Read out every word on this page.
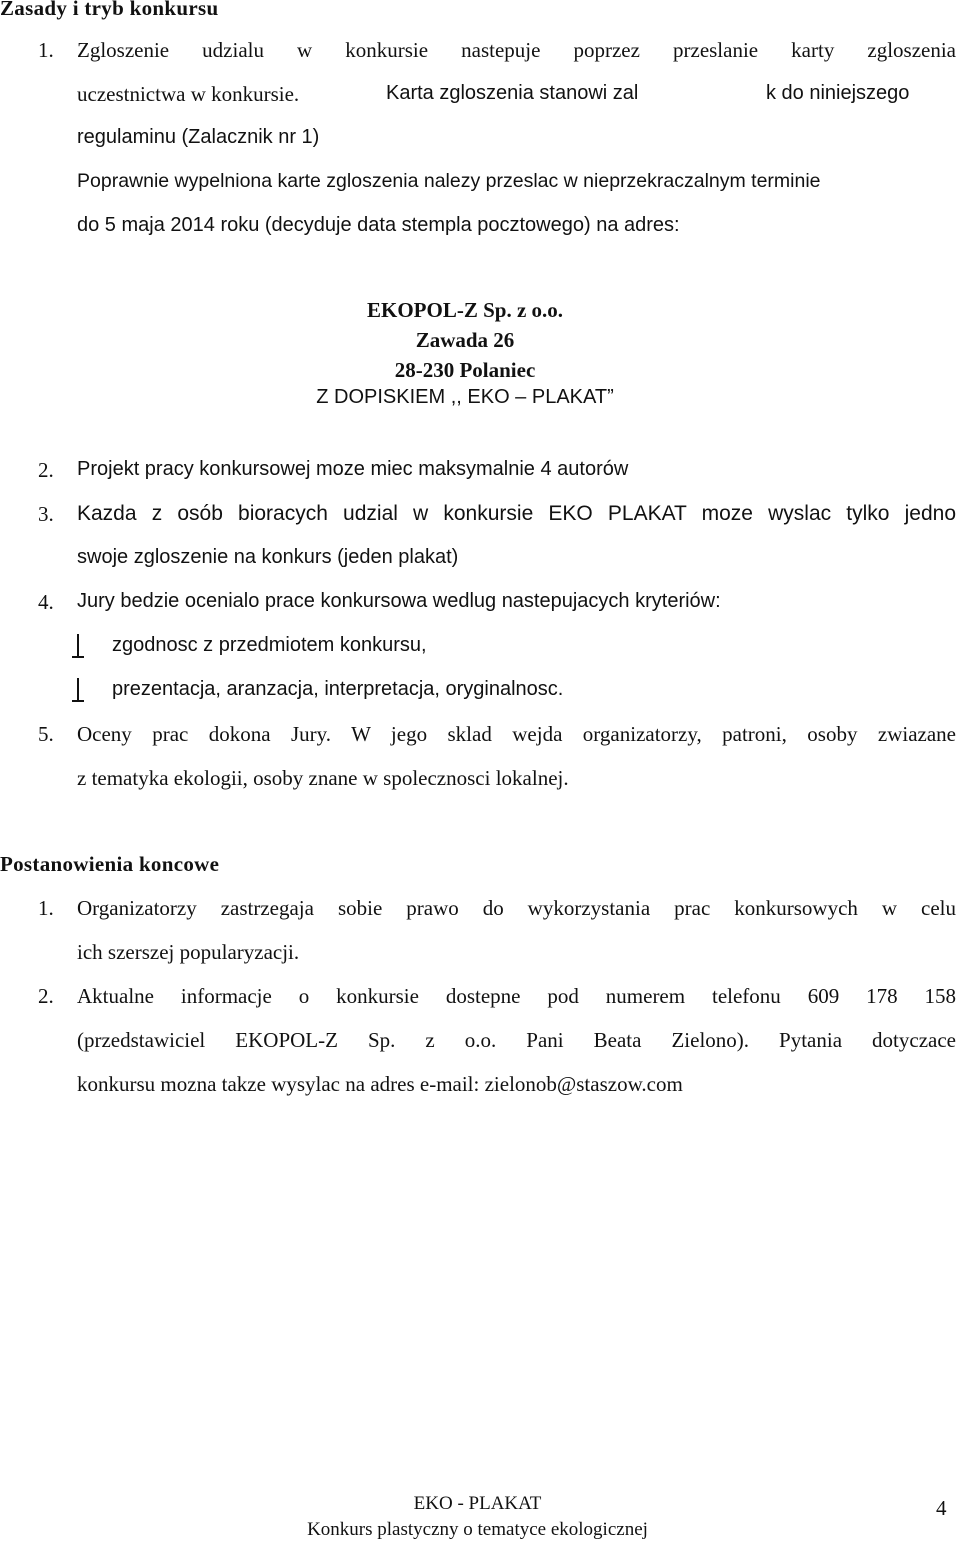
Zasady i tryb konkursu
1. Zgloszenie udzialu w konkursie nastepuje poprzez przeslanie karty zgloszenia
uczestnictwa w konkursie.	Karta zgloszenia stanowi zal	k do niniejszego
regulaminu (Zalacznik nr 1)
Poprawnie wypelniona karte zgloszenia nalezy przeslac w nieprzekraczalnym terminie
do 5 maja 2014 roku (decyduje data stempla pocztowego) na adres:
EKOPOL-Z Sp. z o.o.
Zawada 26
28-230 Polaniec
Z DOPISKIEM ,, EKO – PLAKAT”
2. Projekt pracy konkursowej moze miec maksymalnie 4 autorów
3. Kazda z osób bioracych udzial w konkursie EKO PLAKAT moze wyslac tylko jedno
swoje zgloszenie na konkurs (jeden plakat)
4. Jury bedzie ocenialo prace konkursowa wedlug nastepujacych kryteriów:
zgodnosc z przedmiotem konkursu,
prezentacja, aranzacja, interpretacja, oryginalnosc.
5. Oceny prac dokona Jury. W jego sklad wejda organizatorzy, patroni, osoby zwiazane
z tematyka ekologii, osoby znane w spolecznosci lokalnej.
Postanowienia koncowe
1. Organizatorzy zastrzegaja sobie prawo do wykorzystania prac konkursowych w celu
ich szerszej popularyzacji.
2. Aktualne informacje o konkursie dostepne pod numerem telefonu 609 178 158
(przedstawiciel EKOPOL-Z Sp. z o.o. Pani Beata Zielono). Pytania dotyczace
konkursu mozna takze wysylac na adres e-mail: zielonob@staszow.com
EKO - PLAKAT
Konkurs plastyczny o tematyce ekologicznej
4
